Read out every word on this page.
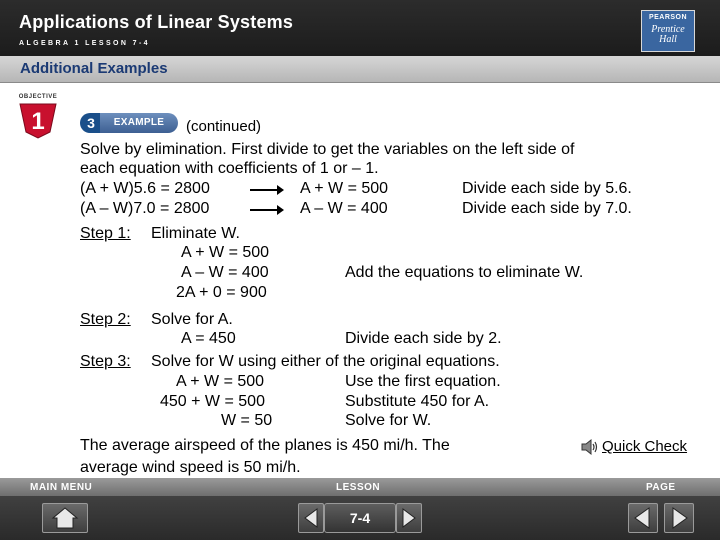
Applications of Linear Systems
ALGEBRA 1 LESSON 7-4
PEARSON
Prentice
Hall
Additional Examples
OBJECTIVE
1	3	EXAMPLE	(continued)
Solve by elimination. First divide to get the variables on the left side of
each equation with coefficients of 1 or – 1.
(A + W)5.6 = 2800	A + W = 500	Divide each side by 5.6.
(A – W)7.0 = 2800	A – W = 400	Divide each side by 7.0.
Step 1: Eliminate W.
A + W = 500
A – W = 400	Add the equations to eliminate W.
2A + 0 = 900
Step 2: Solve for A.
A = 450	Divide each side by 2.
Step 3: Solve for W using either of the original equations.
A + W = 500	Use the first equation.
450 + W = 500	Substitute 450 for A.
W = 50	Solve for W.
The average airspeed of the planes is 450 mi/h. The
average wind speed is 50 mi/h.
Quick Check
MAIN MENU	LESSON	PAGE
7-4
